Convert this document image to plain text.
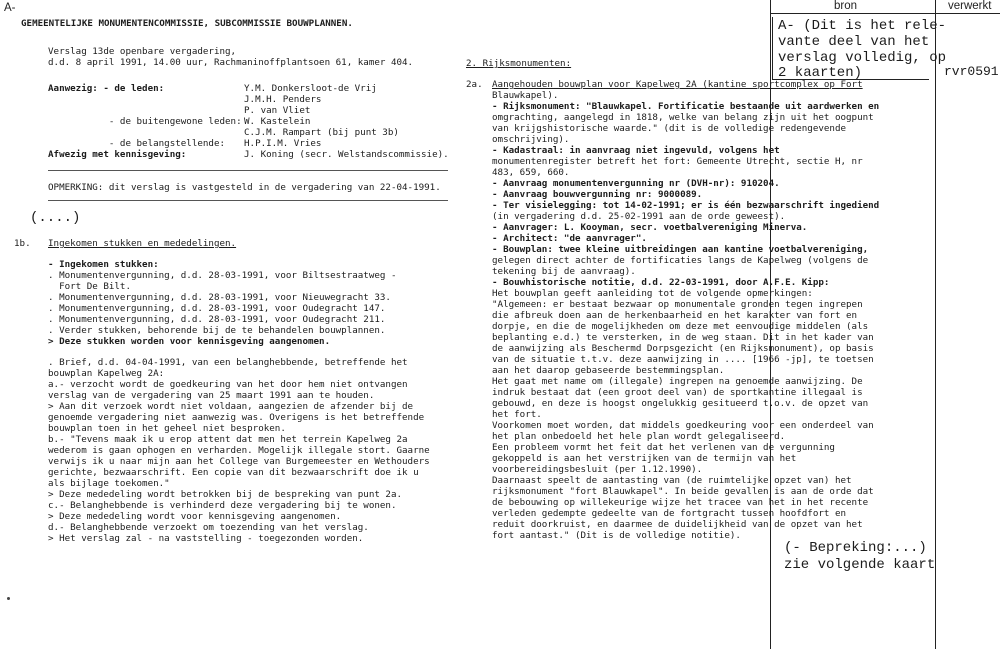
bron	verwerkt
A-
A- (Dit is het rele-
vante deel van het
verslag volledig, op
2 kaarten)	rvr0591
GEMEENTELIJKE MONUMENTENCOMMISSIE, SUBCOMMISSIE BOUWPLANNEN.
Verslag 13de openbare vergadering,
d.d. 8 april 1991, 14.00 uur, Rachmaninoffplantsoen 61, kamer 404.
Aanwezig: - de leden:
- de buitengewone leden:
- de belangstellende:
Afwezig met kennisgeving:
Y.M. Donkersloot-de Vrij
J.M.H. Penders
P. van Vliet
W. Kastelein
C.J.M. Rampart (bij punt 3b)
H.P.I.M. Vries
J. Koning (secr. Welstandscommissie).
OPMERKING: dit verslag is vastgesteld in de vergadering van 22-04-1991.
(....)
1b. Ingekomen stukken en mededelingen.
- Ingekomen stukken:
. Monumentenvergunning, d.d. 28-03-1991, voor Biltsestraatweg -
Fort De Bilt.
. Monumentenvergunning, d.d. 28-03-1991, voor Nieuwegracht 33.
. Monumentenvergunning, d.d. 28-03-1991, voor Oudegracht 147.
. Monumentenvergunning, d.d. 28-03-1991, voor Oudegracht 211.
. Verder stukken, behorende bij de te behandelen bouwplannen.
> Deze stukken worden voor kennisgeving aangenomen.
. Brief, d.d. 04-04-1991, van een belanghebbende, betreffende het
bouwplan Kapelweg 2A:
a.- verzocht wordt de goedkeuring van het door hem niet ontvangen
verslag van de vergadering van 25 maart 1991 aan te houden.
> Aan dit verzoek wordt niet voldaan, aangezien de afzender bij de
genoemde vergadering niet aanwezig was. Overigens is het betreffende
bouwplan toen in het geheel niet besproken.
b.- "Tevens maak ik u erop attent dat men het terrein Kapelweg 2a
wederom is gaan ophogen en verharden. Mogelijk illegale stort. Gaarne
verwijs ik u naar mijn aan het College van Burgemeester en Wethouders
gerichte, bezwaarschrift. Een copie van dit bezwaarschrift doe ik u
als bijlage toekomen."
> Deze mededeling wordt betrokken bij de bespreking van punt 2a.
c.- Belanghebbende is verhinderd deze vergadering bij te wonen.
> Deze mededeling wordt voor kennisgeving aangenomen.
d.- Belanghebbende verzoekt om toezending van het verslag.
> Het verslag zal - na vaststelling - toegezonden worden.
2. Rijksmonumenten:
2a. Aangehouden bouwplan voor Kapelweg 2A (kantine sportcomplex op Fort
Blauwkapel).
- Rijksmonument: "Blauwkapel. Fortificatie bestaande uit aardwerken en
omgrachting, aangelegd in 1818, welke van belang zijn uit het oogpunt
van krijgshistorische waarde." (dit is de volledige redengevende
omschrijving).
- Kadastraal: in aanvraag niet ingevuld, volgens het
monumentenregister betreft het fort: Gemeente Utrecht, sectie H, nr
483, 659, 660.
- Aanvraag monumentenvergunning nr (DVH-nr): 910204.
- Aanvraag bouwvergunning nr: 9000089.
- Ter visielegging: tot 14-02-1991; er is één bezwaarschrift ingediend
(in vergadering d.d. 25-02-1991 aan de orde geweest).
- Aanvrager: L. Kooyman, secr. voetbalvereniging Minerva.
- Architect: "de aanvrager".
- Bouwplan: twee kleine uitbreidingen aan kantine voetbalvereniging,
gelegen direct achter de fortificaties langs de Kapelweg (volgens de
tekening bij de aanvraag).
- Bouwhistorische notitie, d.d. 22-03-1991, door A.F.E. Kipp:
Het bouwplan geeft aanleiding tot de volgende opmerkingen:
"Algemeen: er bestaat bezwaar op monumentale gronden tegen ingrepen
die afbreuk doen aan de herkenbaarheid en het karakter van fort en
dorpje, en die de mogelijkheden om deze met eenvoudige middelen (als
beplanting e.d.) te versterken, in de weg staan. Dit in het kader van
de aanwijzing als Beschermd Dorpsgezicht (en Rijksmonument), op basis
van de situatie t.t.v. deze aanwijzing in .... [1966 -jp], te toetsen
aan het daarop gebaseerde bestemmingsplan.
Het gaat met name om (illegale) ingrepen na genoemde aanwijzing. De
indruk bestaat dat (een groot deel van) de sportkantine illegaal is
gebouwd, en deze is hoogst ongelukkig gesitueerd t.o.v. de opzet van
het fort.
Voorkomen moet worden, dat middels goedkeuring voor een onderdeel van
het plan onbedoeld het hele plan wordt gelegaliseerd.
Een probleem vormt het feit dat het verlenen van de vergunning
gekoppeld is aan het verstrijken van de termijn van het
voorbereidingsbesluit (per 1.12.1990).
Daarnaast speelt de aantasting van (de ruimtelijke opzet van) het
rijksmonument "fort Blauwkapel". In beide gevallen is aan de orde dat
de bebouwing op willekeurige wijze het tracee van het in het recente
verleden gedempte gedeelte van de fortgracht tussen hoofdfort en
reduit doorkruist, en daarmee de duidelijkheid van de opzet van het
fort aantast." (Dit is de volledige notitie).
(- Bepreking:...)
zie volgende kaart
